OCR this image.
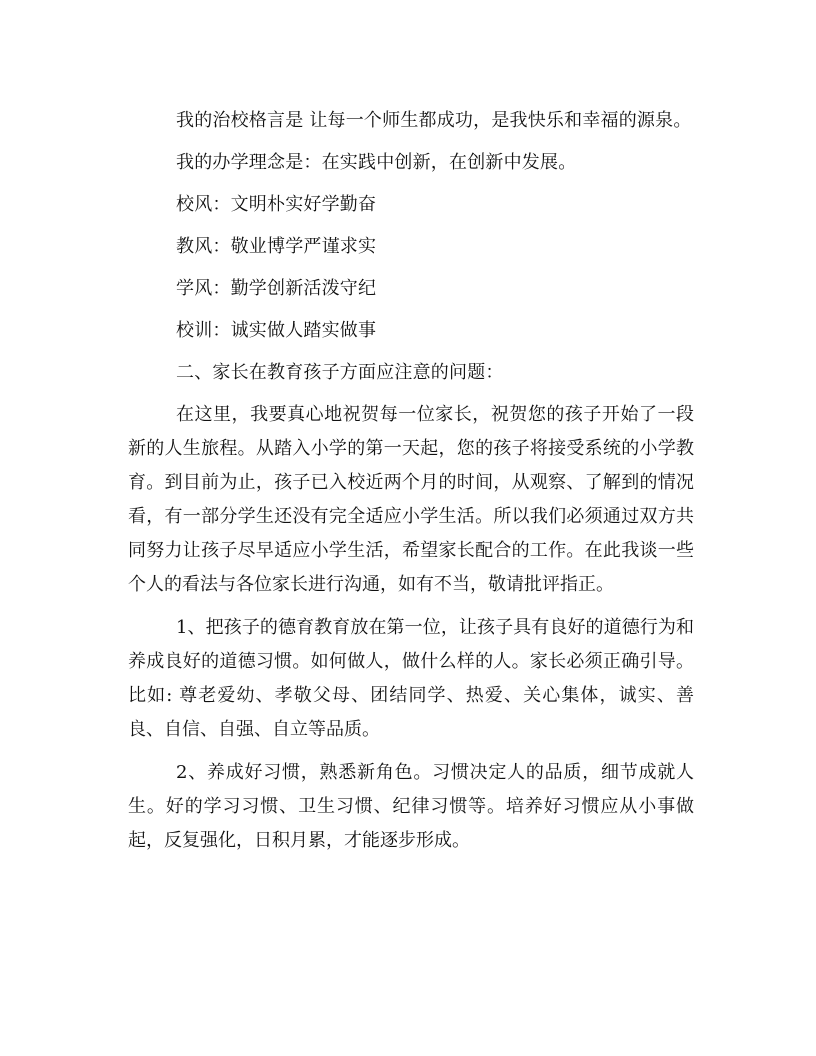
我的治校格言是 让每一个师生都成功，是我快乐和幸福的源泉。
我的办学理念是：在实践中创新，在创新中发展。
校风：文明朴实好学勤奋
教风：敬业博学严谨求实
学风：勤学创新活泼守纪
校训：诚实做人踏实做事
二、家长在教育孩子方面应注意的问题：
在这里，我要真心地祝贺每一位家长，祝贺您的孩子开始了一段新的人生旅程。从踏入小学的第一天起，您的孩子将接受系统的小学教育。到目前为止，孩子已入校近两个月的时间，从观察、了解到的情况看，有一部分学生还没有完全适应小学生活。所以我们必须通过双方共同努力让孩子尽早适应小学生活，希望家长配合的工作。在此我谈一些个人的看法与各位家长进行沟通，如有不当，敬请批评指正。
1、把孩子的德育教育放在第一位，让孩子具有良好的道德行为和养成良好的道德习惯。如何做人，做什么样的人。家长必须正确引导。比如: 尊老爱幼、孝敬父母、团结同学、热爱、关心集体，诚实、善良、自信、自强、自立等品质。
2、养成好习惯，熟悉新角色。习惯决定人的品质，细节成就人生。好的学习习惯、卫生习惯、纪律习惯等。培养好习惯应从小事做起，反复强化，日积月累，才能逐步形成。
